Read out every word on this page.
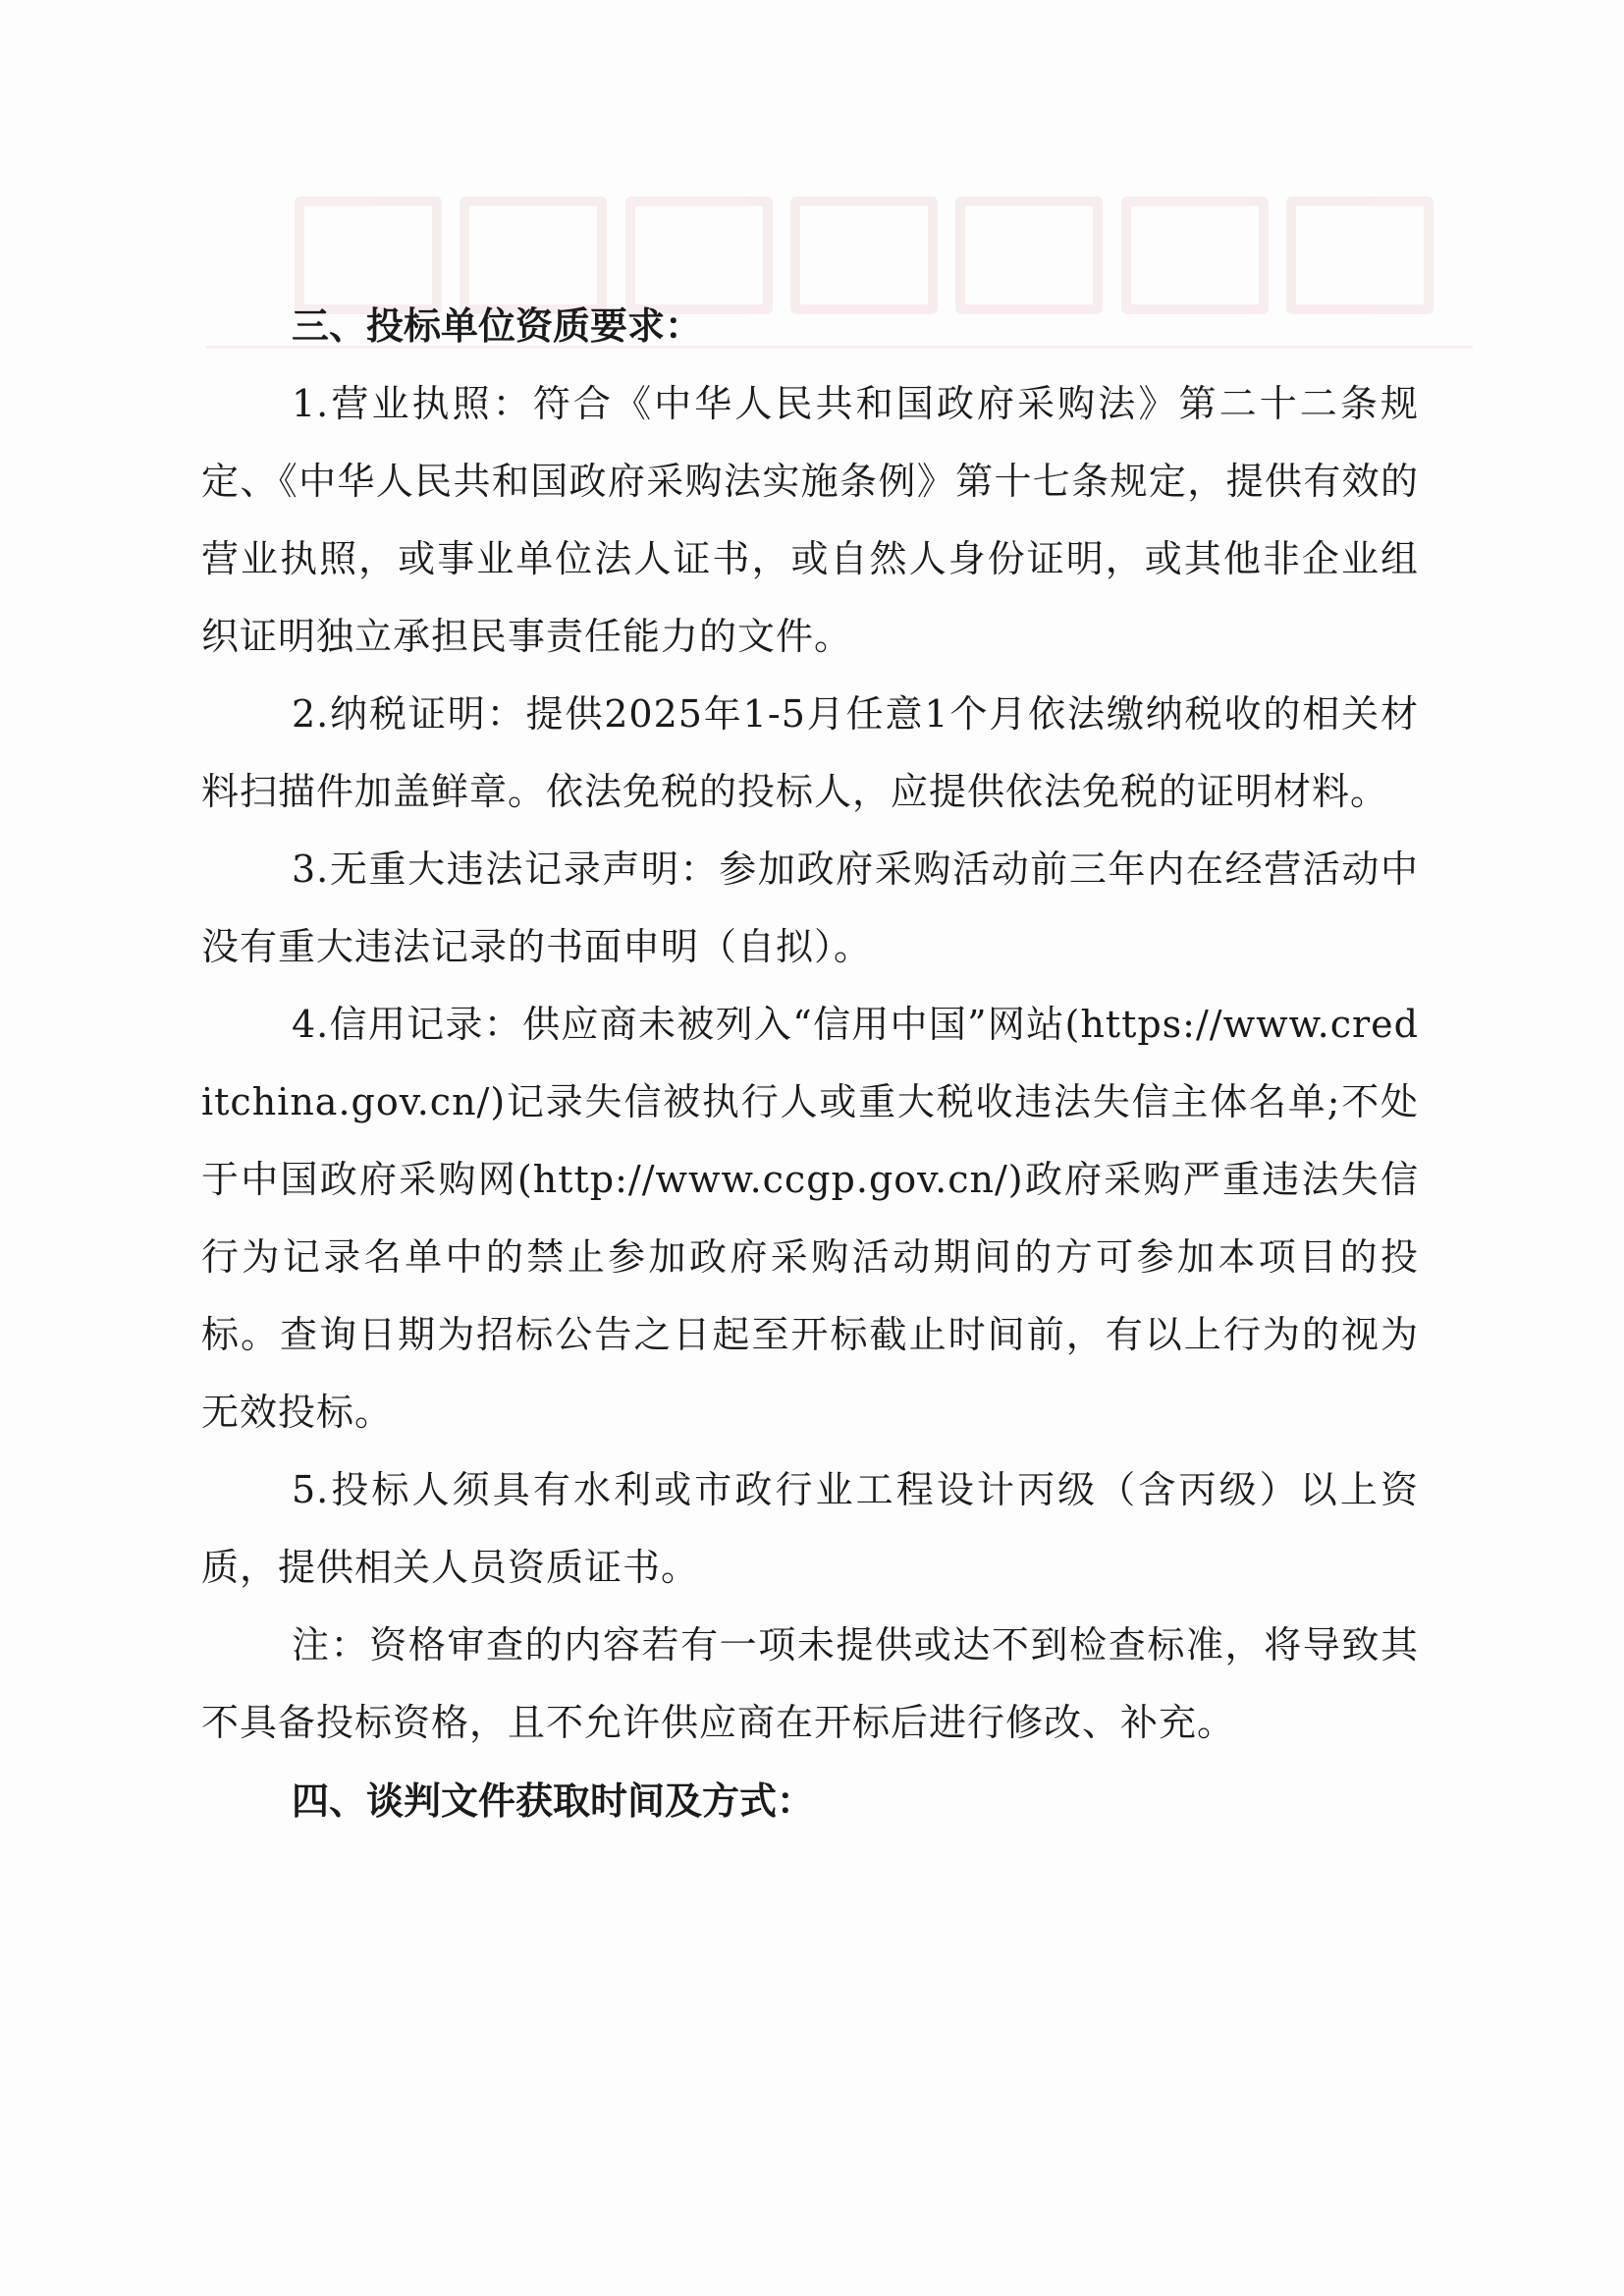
三、投标单位资质要求：

1.营业执照：符合《中华人民共和国政府采购法》第二十二条规定、《中华人民共和国政府采购法实施条例》第十七条规定，提供有效的营业执照，或事业单位法人证书，或自然人身份证明，或其他非企业组织证明独立承担民事责任能力的文件。

2.纳税证明：提供2025年1-5月任意1个月依法缴纳税收的相关材料扫描件加盖鲜章。依法免税的投标人，应提供依法免税的证明材料。

3.无重大违法记录声明：参加政府采购活动前三年内在经营活动中没有重大违法记录的书面申明（自拟）。

4.信用记录：供应商未被列入“信用中国”网站(https://www.creditchina.gov.cn/)记录失信被执行人或重大税收违法失信主体名单;不处于中国政府采购网(http://www.ccgp.gov.cn/)政府采购严重违法失信行为记录名单中的禁止参加政府采购活动期间的方可参加本项目的投标。查询日期为招标公告之日起至开标截止时间前，有以上行为的视为无效投标。

5.投标人须具有水利或市政行业工程设计丙级（含丙级）以上资质，提供相关人员资质证书。

注：资格审查的内容若有一项未提供或达不到检查标准，将导致其不具备投标资格，且不允许供应商在开标后进行修改、补充。

四、谈判文件获取时间及方式：
